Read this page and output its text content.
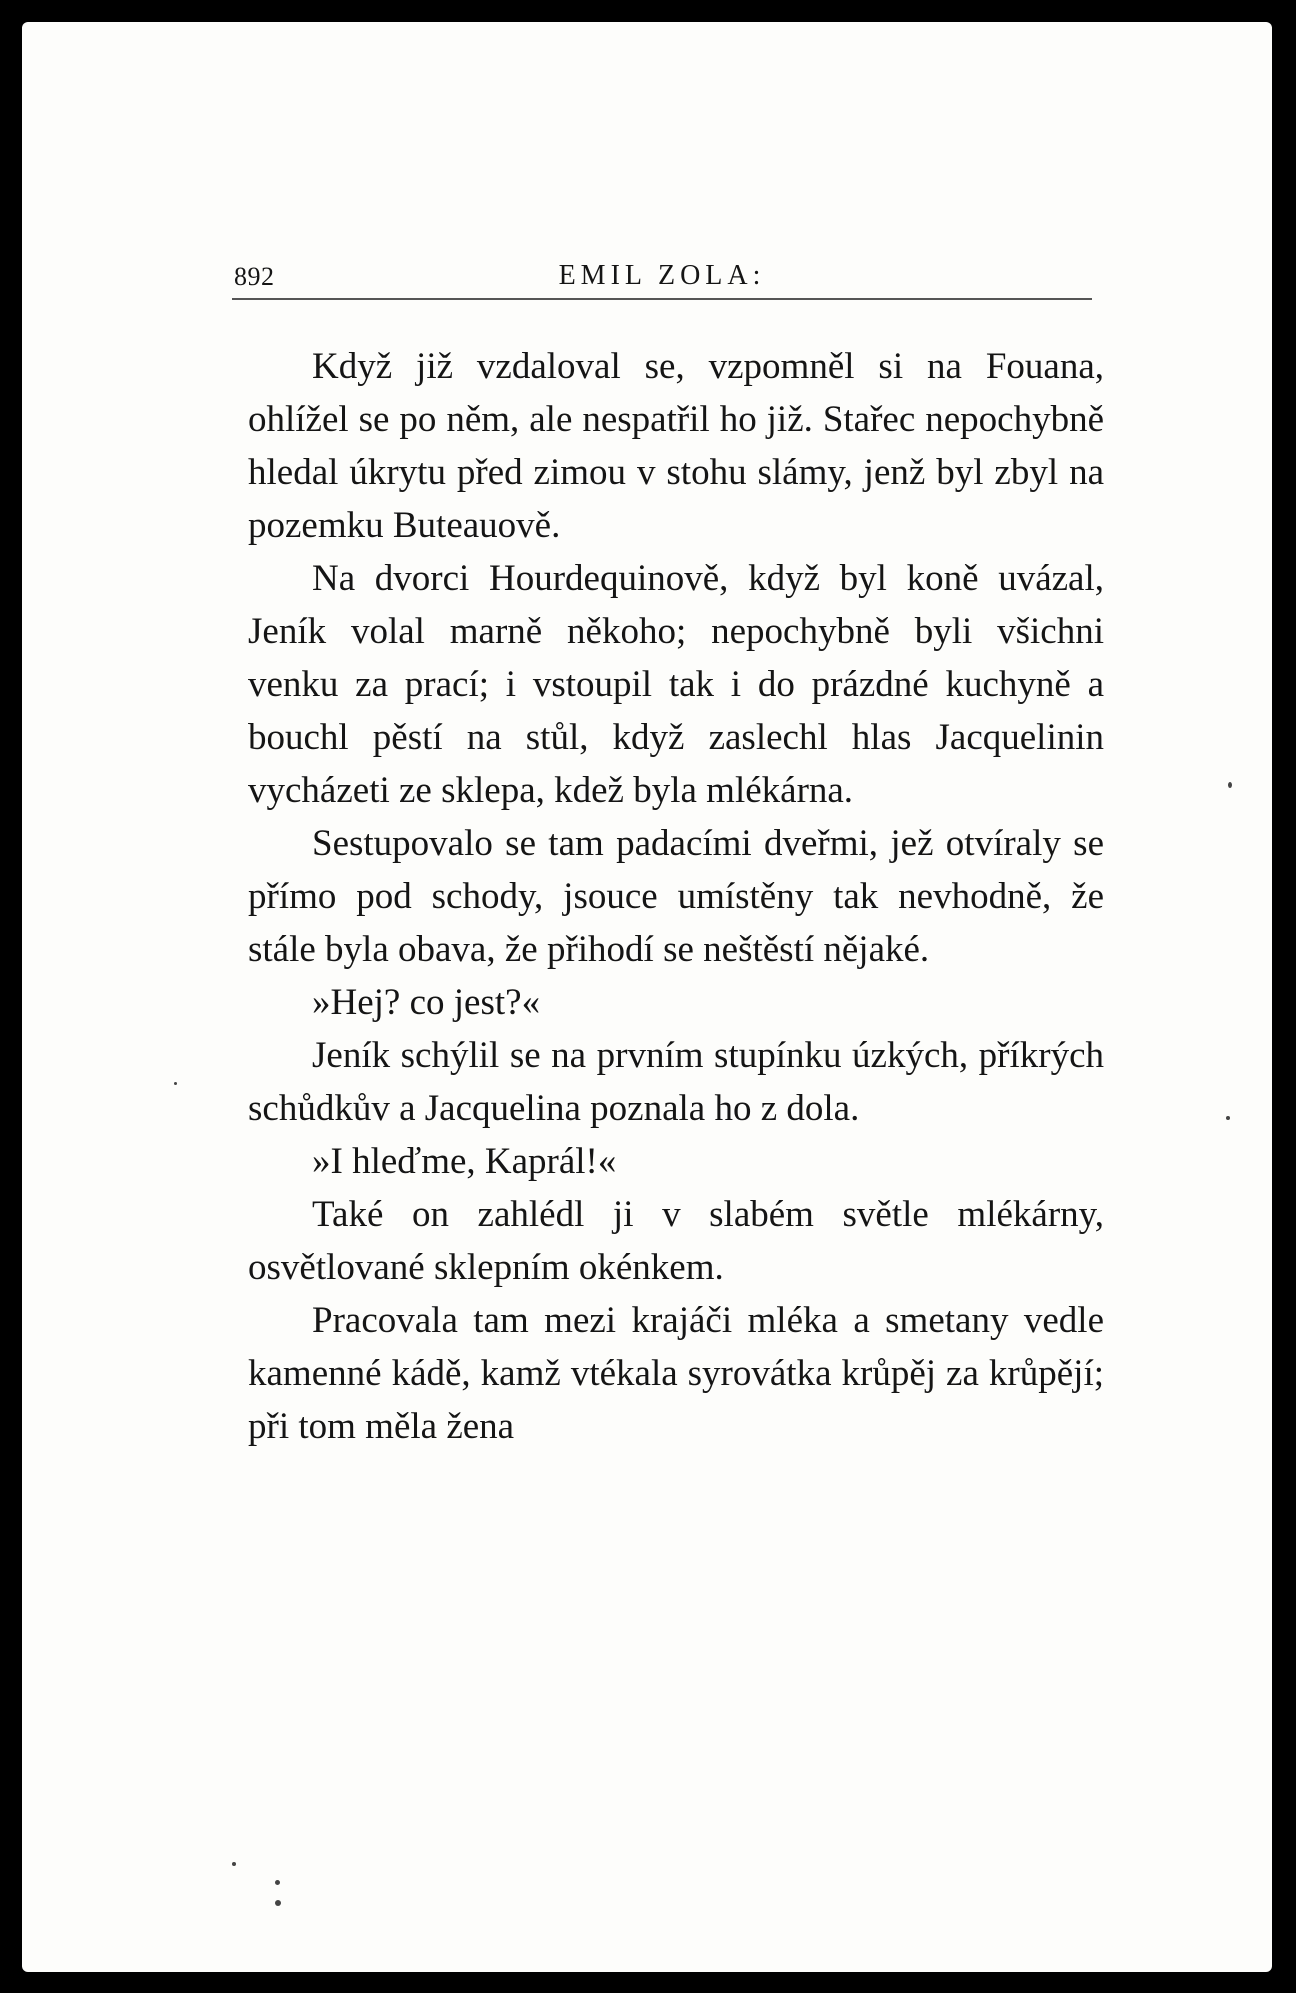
892	EMIL ZOLA:

Když již vzdaloval se, vzpomněl si na Fouana, ohlížel se po něm, ale nespatřil ho již. Stařec nepochybně hledal úkrytu před zimou v stohu slámy, jenž byl zbyl na pozemku Buteauově.

Na dvorci Hourdequinově, když byl koně uvázal, Jeník volal marně někoho; nepochybně byli všichni venku za prací; i vstoupil tak i do prázdné kuchyně a bouchl pěstí na stůl, když zaslechl hlas Jacquelinin vycházeti ze sklepa, kdež byla mlékárna.

Sestupovalo se tam padacími dveřmi, jež otvíraly se přímo pod schody, jsouce umístěny tak nevhodně, že stále byla obava, že přihodí se neštěstí nějaké.

»Hej? co jest?«

Jeník schýlil se na prvním stupínku úzkých, příkrých schůdkův a Jacquelina poznala ho z dola.

»I hleďme, Kaprál!«

Také on zahlédl ji v slabém světle mlékárny, osvětlované sklepním okénkem.

Pracovala tam mezi krajáči mléka a smetany vedle kamenné kádě, kamž vtékala syrovátka krůpěj za krůpějí; při tom měla žena
